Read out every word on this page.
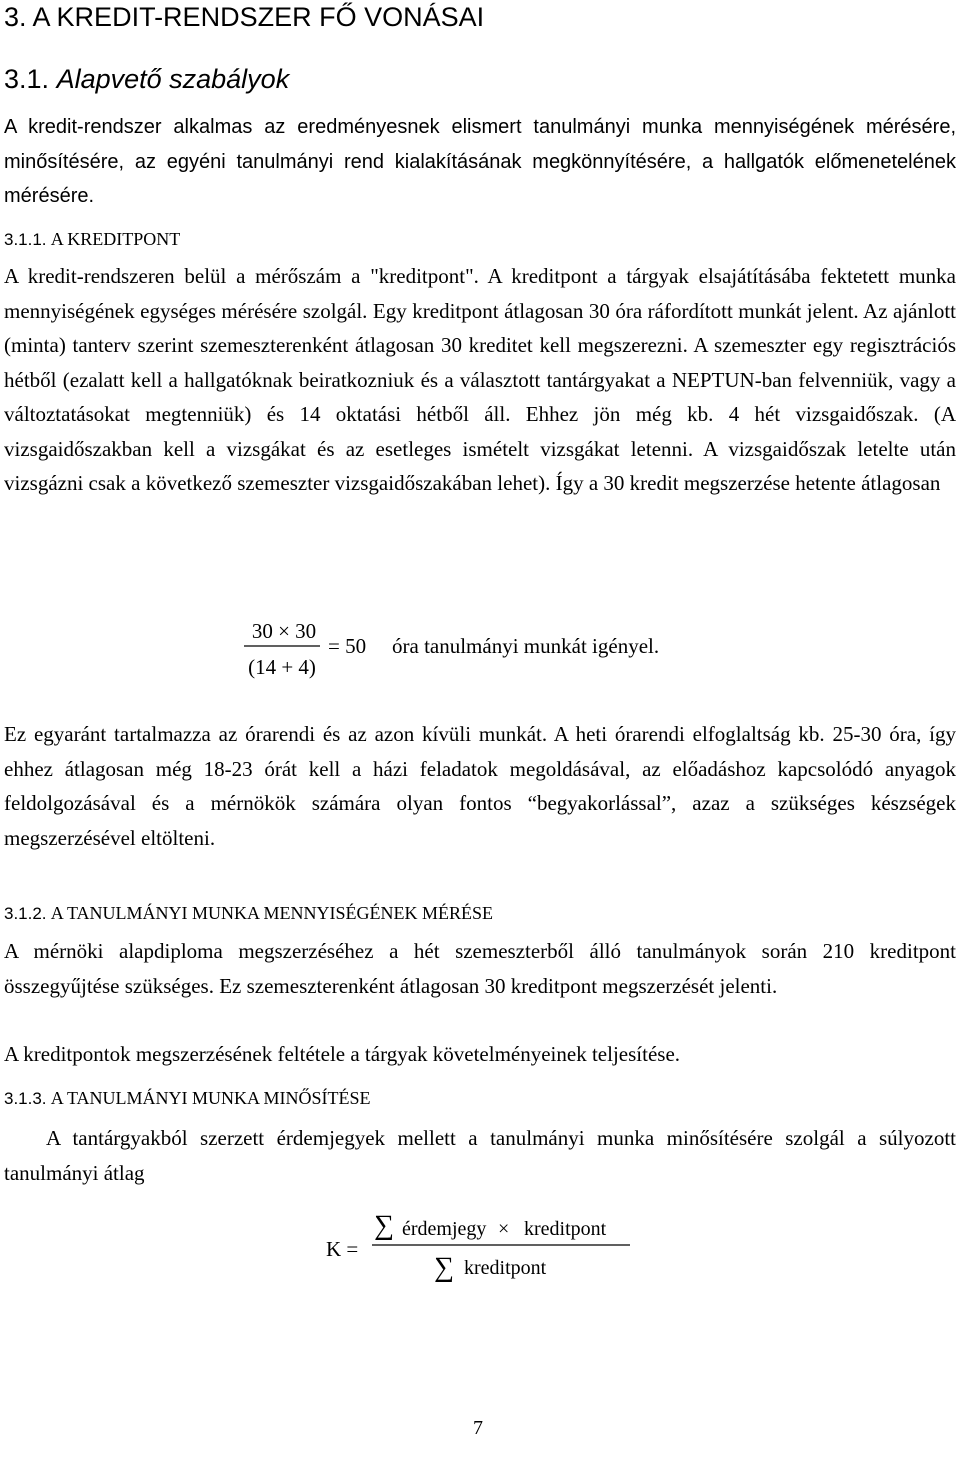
3. A KREDIT-RENDSZER FŐ VONÁSAI
3.1. Alapvető szabályok

A kredit-rendszer alkalmas az eredményesnek elismert tanulmányi munka mennyiségének mérésére, minősítésére, az egyéni tanulmányi rend kialakításának megkönnyítésére, a hallgatók előmenetelének mérésére.

3.1.1. A KREDITPONT

A kredit-rendszeren belül a mérőszám a "kreditpont". A kreditpont a tárgyak elsajátításába fektetett munka mennyiségének egységes mérésére szolgál. Egy kreditpont átlagosan 30 óra ráfordított munkát jelent. Az ajánlott (minta) tanterv szerint szemeszterenként átlagosan 30 kreditet kell megszerezni. A szemeszter egy regisztrációs hétből (ezalatt kell a hallgatóknak beiratkozniuk és a választott tantárgyakat a NEPTUN-ban felvenniük, vagy a változtatásokat megtenniük) és 14 oktatási hétből áll. Ehhez jön még kb. 4 hét vizsgaidőszak. (A vizsgaidőszakban kell a vizsgákat és az esetleges ismételt vizsgákat letenni. A vizsgaidőszak letelte után vizsgázni csak a következő szemeszter vizsgaidőszakában lehet). Így a 30 kredit megszerzése hetente átlagosan

30 × 30
(14 + 4)
= 50 óra tanulmányi munkát igényel.

Ez egyaránt tartalmazza az órarendi és az azon kívüli munkát. A heti órarendi elfoglaltság kb. 25-30 óra, így ehhez átlagosan még 18-23 órát kell a házi feladatok megoldásával, az előadáshoz kapcsolódó anyagok feldolgozásával és a mérnökök számára olyan fontos “begyakorlással”, azaz a szükséges készségek megszerzésével eltölteni.

3.1.2. A TANULMÁNYI MUNKA MENNYISÉGÉNEK MÉRÉSE

A mérnöki alapdiploma megszerzéséhez a hét szemeszterből álló tanulmányok során 210 kreditpont összegyűjtése szükséges. Ez szemeszterenként átlagosan 30 kreditpont megszerzését jelenti.

A kreditpontok megszerzésének feltétele a tárgyak követelményeinek teljesítése.

3.1.3. A TANULMÁNYI MUNKA MINŐSÍTÉSE

A tantárgyakból szerzett érdemjegyek mellett a tanulmányi munka minősítésére szolgál a súlyozott tanulmányi átlag

K =
∑ érdemjegy × kreditpont
∑ kreditpont
7
